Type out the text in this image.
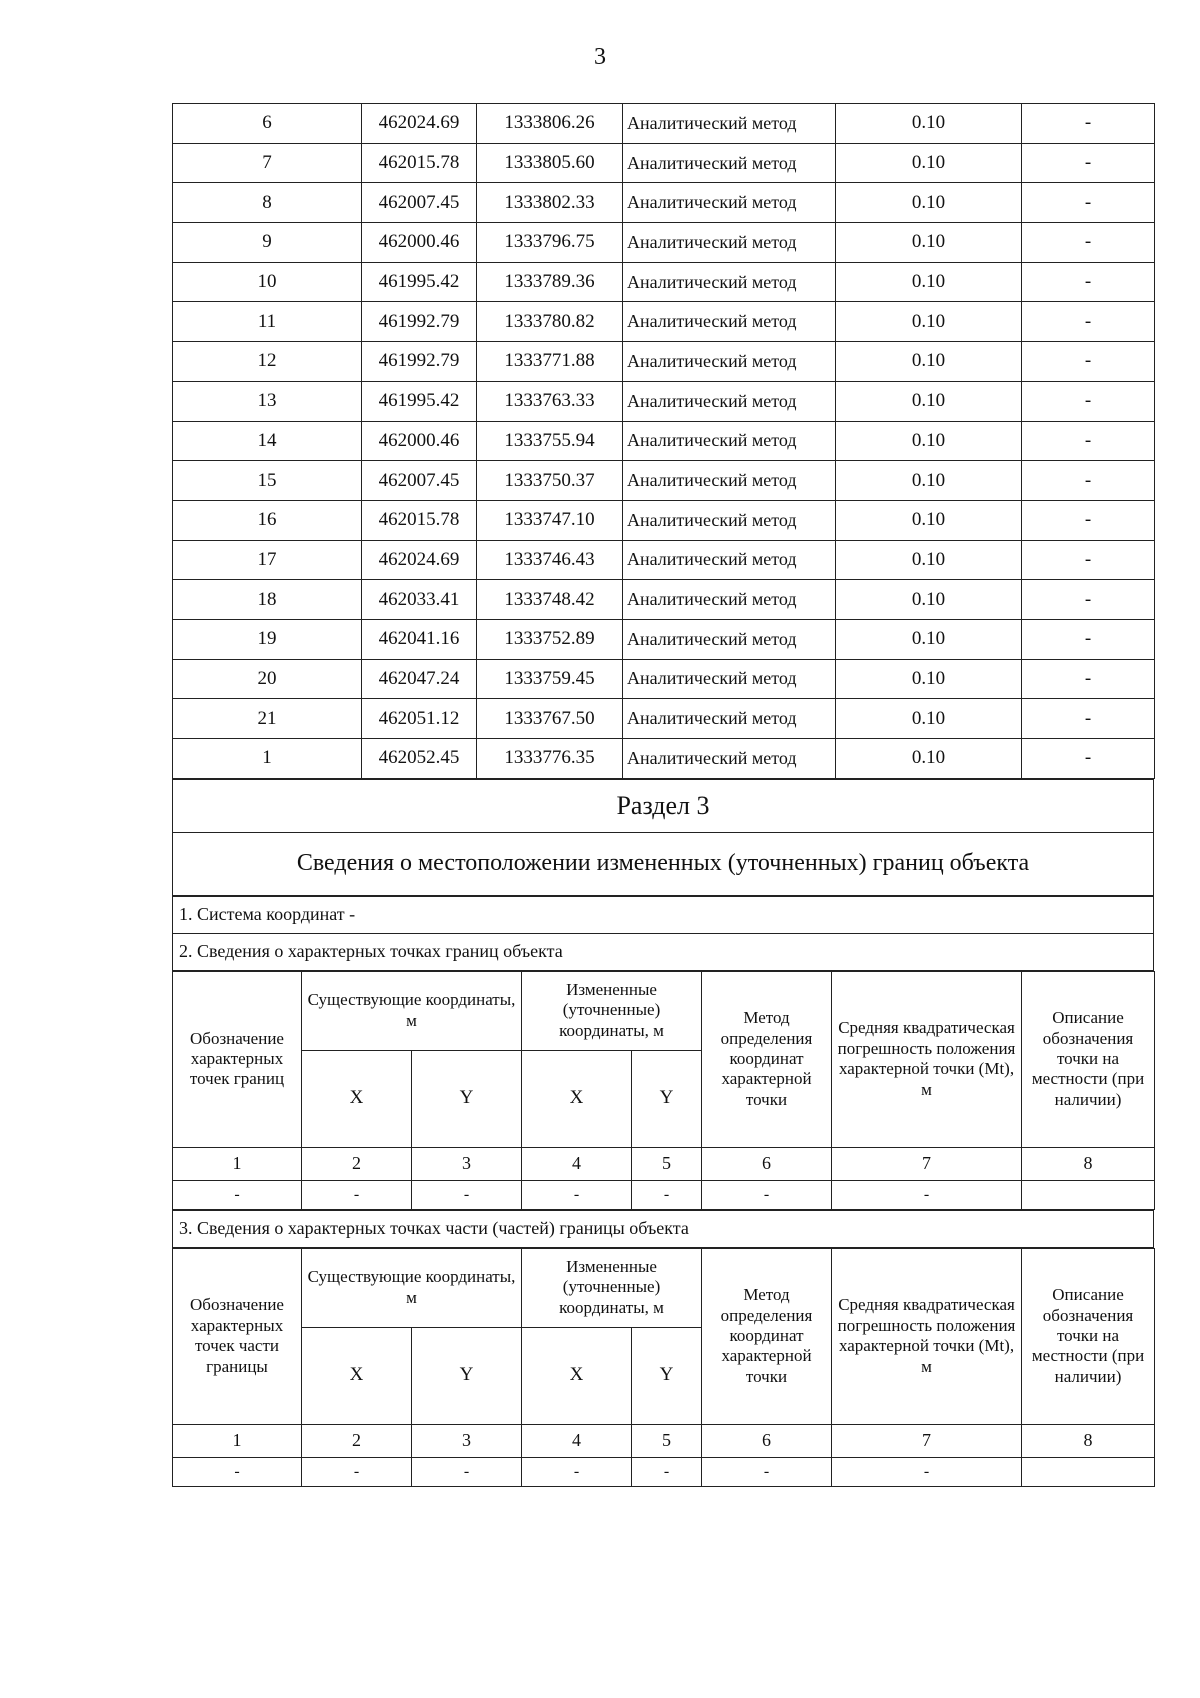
3
6	462024.69	1333806.26	Аналитический метод	0.10	-
7	462015.78	1333805.60	Аналитический метод	0.10	-
8	462007.45	1333802.33	Аналитический метод	0.10	-
9	462000.46	1333796.75	Аналитический метод	0.10	-
10	461995.42	1333789.36	Аналитический метод	0.10	-
11	461992.79	1333780.82	Аналитический метод	0.10	-
12	461992.79	1333771.88	Аналитический метод	0.10	-
13	461995.42	1333763.33	Аналитический метод	0.10	-
14	462000.46	1333755.94	Аналитический метод	0.10	-
15	462007.45	1333750.37	Аналитический метод	0.10	-
16	462015.78	1333747.10	Аналитический метод	0.10	-
17	462024.69	1333746.43	Аналитический метод	0.10	-
18	462033.41	1333748.42	Аналитический метод	0.10	-
19	462041.16	1333752.89	Аналитический метод	0.10	-
20	462047.24	1333759.45	Аналитический метод	0.10	-
21	462051.12	1333767.50	Аналитический метод	0.10	-
1	462052.45	1333776.35	Аналитический метод	0.10	-
Раздел 3
Сведения о местоположении измененных (уточненных) границ объекта
1. Система координат -
2. Сведения о характерных точках границ объекта
Обозначение характерных точек границ	Существующие координаты, м		Измененные (уточненные) координаты, м		Метод определения координат характерной точки	Средняя квадратическая погрешность положения характерной точки (Mt), м	Описание обозначения точки на местности (при наличии)
	X	Y	X	Y			
1	2	3	4	5	6	7	8
-	-	-	-	-	-	-	
3. Сведения о характерных точках части (частей) границы объекта
Обозначение характерных точек части границы	Существующие координаты, м		Измененные (уточненные) координаты, м		Метод определения координат характерной точки	Средняя квадратическая погрешность положения характерной точки (Mt), м	Описание обозначения точки на местности (при наличии)
	X	Y	X	Y			
1	2	3	4	5	6	7	8
-	-	-	-	-	-	-	
